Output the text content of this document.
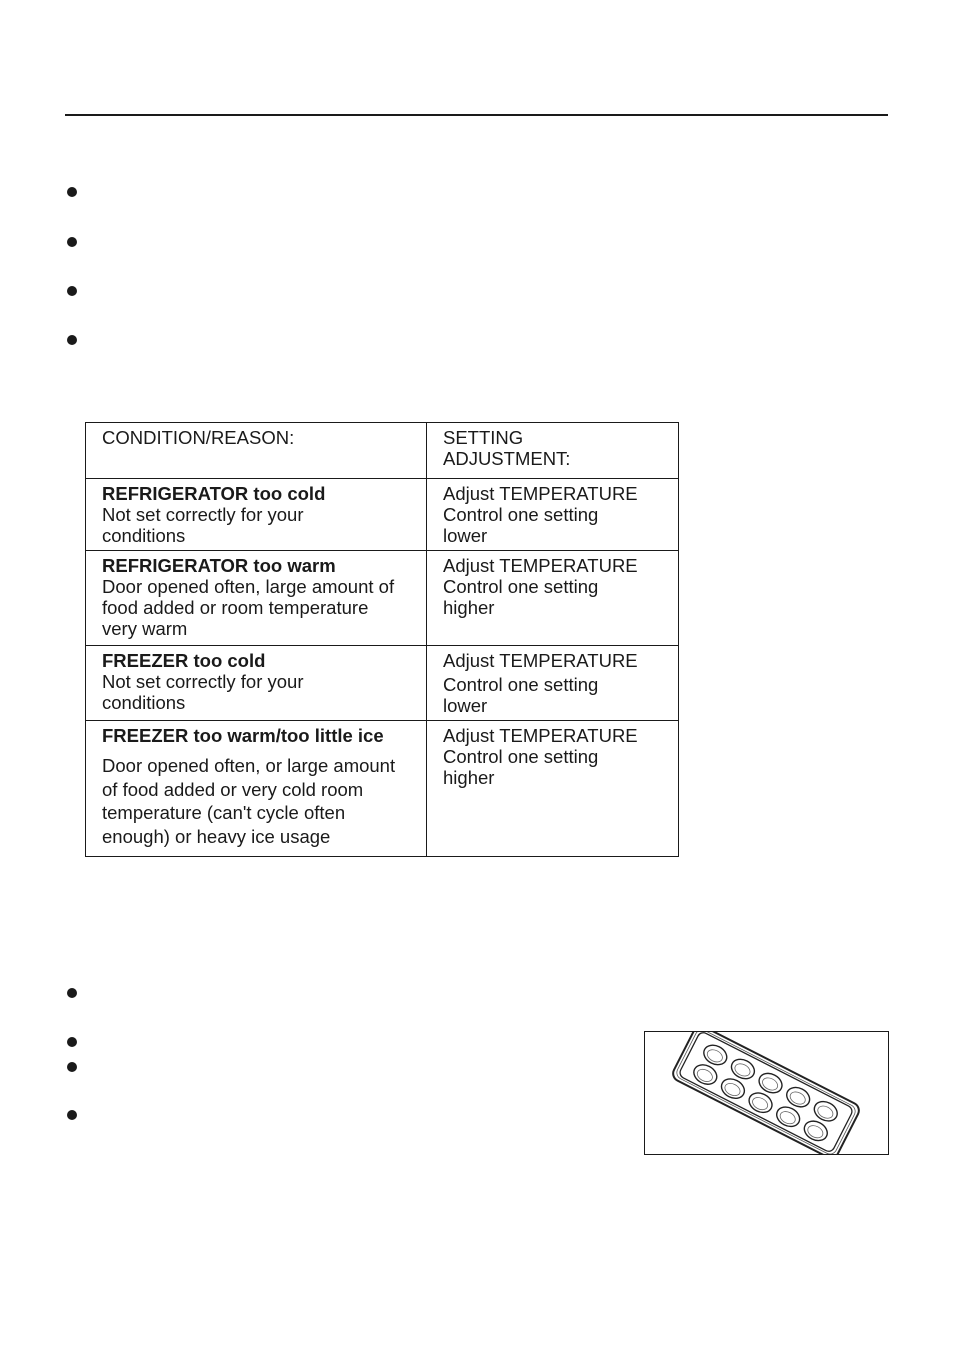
CONDITION/REASON:	SETTING
ADJUSTMENT:

REFRIGERATOR too cold
Not set correctly for your
conditions	Adjust TEMPERATURE
Control one setting
lower

REFRIGERATOR too warm
Door opened often, large amount of
food added or room temperature
very warm	Adjust TEMPERATURE
Control one setting
higher

FREEZER too cold
Not set correctly for your
conditions	Adjust TEMPERATURE
Control one setting
lower

FREEZER too warm/too little ice
Door opened often, or large amount
of food added or very cold room
temperature (can't cycle often
enough) or heavy ice usage	Adjust TEMPERATURE
Control one setting
higher
